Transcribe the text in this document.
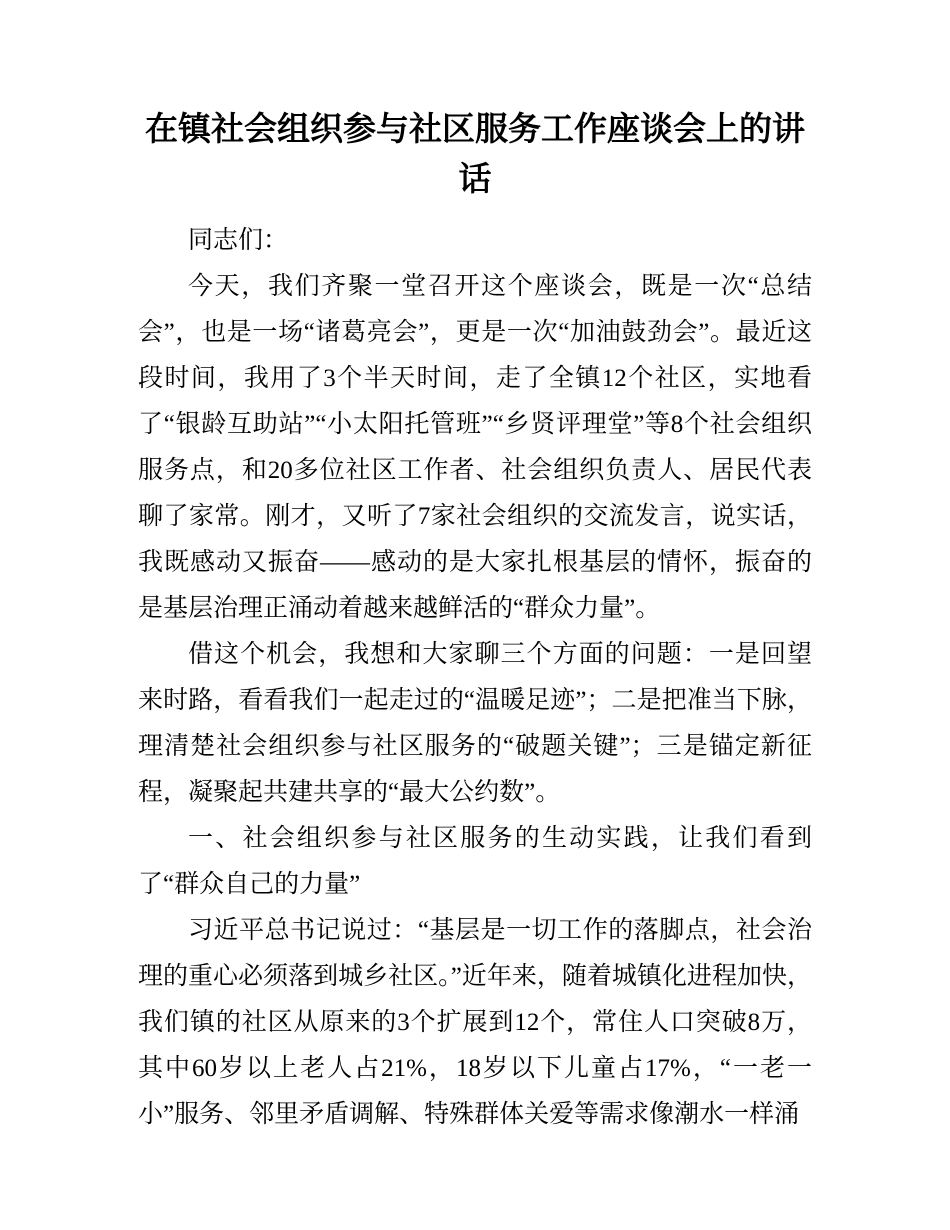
在镇社会组织参与社区服务工作座谈会上的讲话

同志们：

今天，我们齐聚一堂召开这个座谈会，既是一次“总结会”，也是一场“诸葛亮会”，更是一次“加油鼓劲会”。最近这段时间，我用了3个半天时间，走了全镇12个社区，实地看了“银龄互助站”“小太阳托管班”“乡贤评理堂”等8个社会组织服务点，和20多位社区工作者、社会组织负责人、居民代表聊了家常。刚才，又听了7家社会组织的交流发言，说实话，我既感动又振奋——感动的是大家扎根基层的情怀，振奋的是基层治理正涌动着越来越鲜活的“群众力量”。

借这个机会，我想和大家聊三个方面的问题：一是回望来时路，看看我们一起走过的“温暖足迹”；二是把准当下脉，理清楚社会组织参与社区服务的“破题关键”；三是锚定新征程，凝聚起共建共享的“最大公约数”。

一、社会组织参与社区服务的生动实践，让我们看到了“群众自己的力量”

习近平总书记说过：“基层是一切工作的落脚点，社会治理的重心必须落到城乡社区。”近年来，随着城镇化进程加快，我们镇的社区从原来的3个扩展到12个，常住人口突破8万，其中60岁以上老人占21%，18岁以下儿童占17%，“一老一小”服务、邻里矛盾调解、特殊群体关爱等需求像潮水一样涌
